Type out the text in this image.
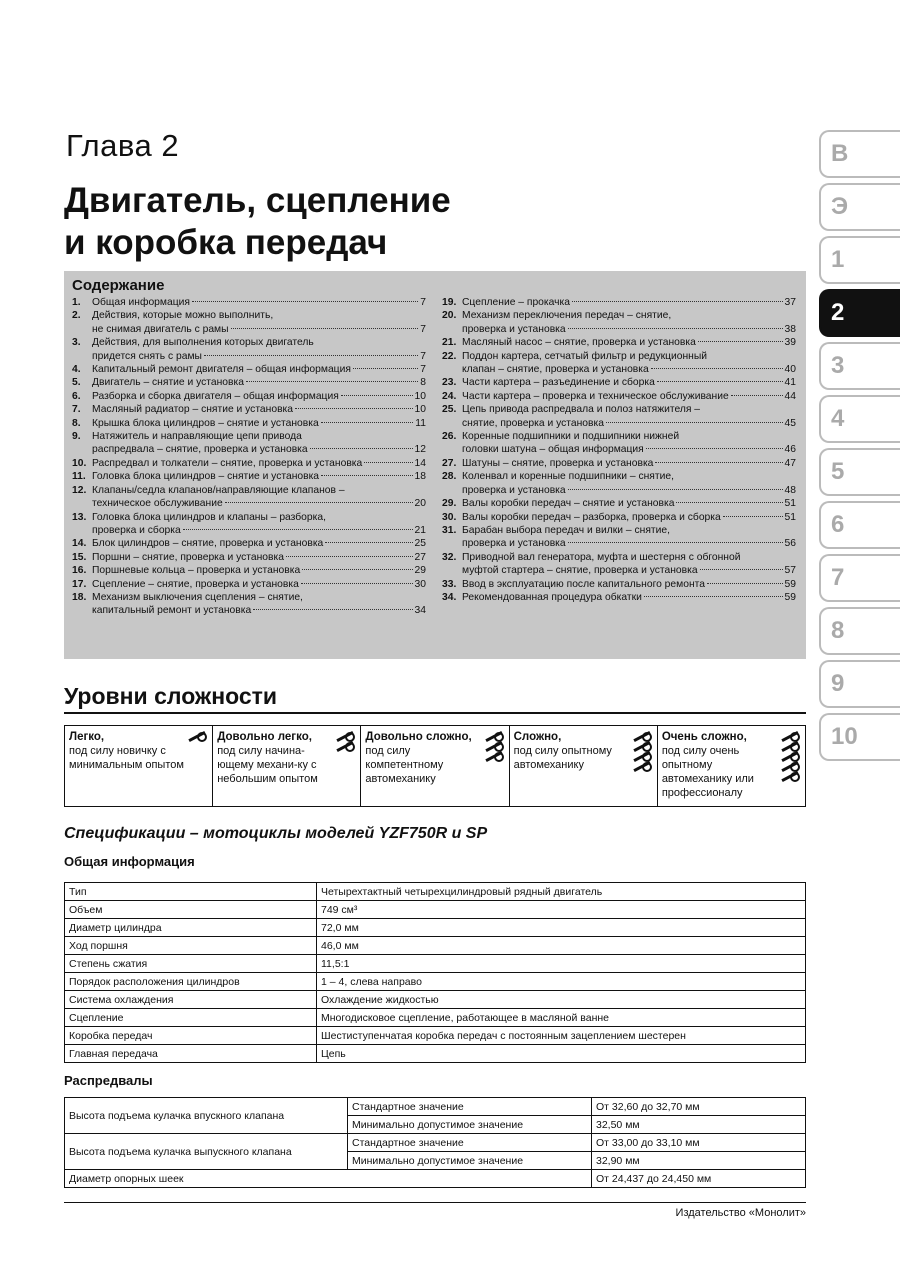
Глава 2
Двигатель, сцепление
и коробка передач
В
Э
1
2
3
4
5
6
7
8
9
10
Содержание
1.	Общая информация	7
2.	Действия, которые можно выполнить,
не снимая двигатель с рамы	7
3.	Действия, для выполнения которых двигатель
придется снять с рамы	7
4.	Капитальный ремонт двигателя – общая информация	7
5.	Двигатель – снятие и установка	8
6.	Разборка и сборка двигателя – общая информация	10
7.	Масляный радиатор – снятие и установка	10
8.	Крышка блока цилиндров – снятие и установка	11
9.	Натяжитель и направляющие цепи привода
распредвала – снятие, проверка и установка	12
10. Распредвал и толкатели – снятие, проверка и установка	14
11. Головка блока цилиндров – снятие и установка	18
12. Клапаны/седла клапанов/направляющие клапанов –
техническое обслуживание	20
13. Головка блока цилиндров и клапаны – разборка,
проверка и сборка	21
14. Блок цилиндров – снятие, проверка и установка	25
15. Поршни – снятие, проверка и установка	27
16. Поршневые кольца – проверка и установка	29
17. Сцепление – снятие, проверка и установка	30
18. Механизм выключения сцепления – снятие,
капитальный ремонт и установка	34
19. Сцепление – прокачка	37
20. Механизм переключения передач – снятие,
проверка и установка	38
21. Масляный насос – снятие, проверка и установка	39
22. Поддон картера, сетчатый фильтр и редукционный
клапан – снятие, проверка и установка	40
23. Части картера – разъединение и сборка	41
24. Части картера – проверка и техническое обслуживание	44
25. Цепь привода распредвала и полоз натяжителя –
снятие, проверка и установка	45
26. Коренные подшипники и подшипники нижней
головки шатуна – общая информация	46
27. Шатуны – снятие, проверка и установка	47
28. Коленвал и коренные подшипники – снятие,
проверка и установка	48
29. Валы коробки передач – снятие и установка	51
30. Валы коробки передач – разборка, проверка и сборка	51
31. Барабан выбора передач и вилки – снятие,
проверка и установка	56
32. Приводной вал генератора, муфта и шестерня с обгонной
муфтой стартера – снятие, проверка и установка	57
33. Ввод в эксплуатацию после капитального ремонта	59
34. Рекомендованная процедура обкатки	59
Уровни сложности
Легко,
под силу новичку с минимальным опытом
Довольно легко,
под силу начина-ющему механи-ку с небольшим опытом
Довольно сложно,
под силу компетентному автомеханику
Сложно,
под силу опытному автомеханику
Очень сложно,
под силу очень опытному автомеханику или профессионалу
Спецификации – мотоциклы моделей YZF750R и SP
Общая информация
Тип	Четырехтактный четырехцилиндровый рядный двигатель
Объем	749 см³
Диаметр цилиндра	72,0 мм
Ход поршня	46,0 мм
Степень сжатия	11,5:1
Порядок расположения цилиндров	1 – 4, слева направо
Система охлаждения	Охлаждение жидкостью
Сцепление	Многодисковое сцепление, работающее в масляной ванне
Коробка передач	Шестиступенчатая коробка передач с постоянным зацеплением шестерен
Главная передача	Цепь
Распредвалы
Высота подъема кулачка впускного клапана	Стандартное значение	От 32,60 до 32,70 мм
	Минимально допустимое значение	32,50 мм
Высота подъема кулачка выпускного клапана	Стандартное значение	От 33,00 до 33,10 мм
	Минимально допустимое значение	32,90 мм
Диаметр опорных шеек		От 24,437 до 24,450 мм
Издательство «Монолит»
